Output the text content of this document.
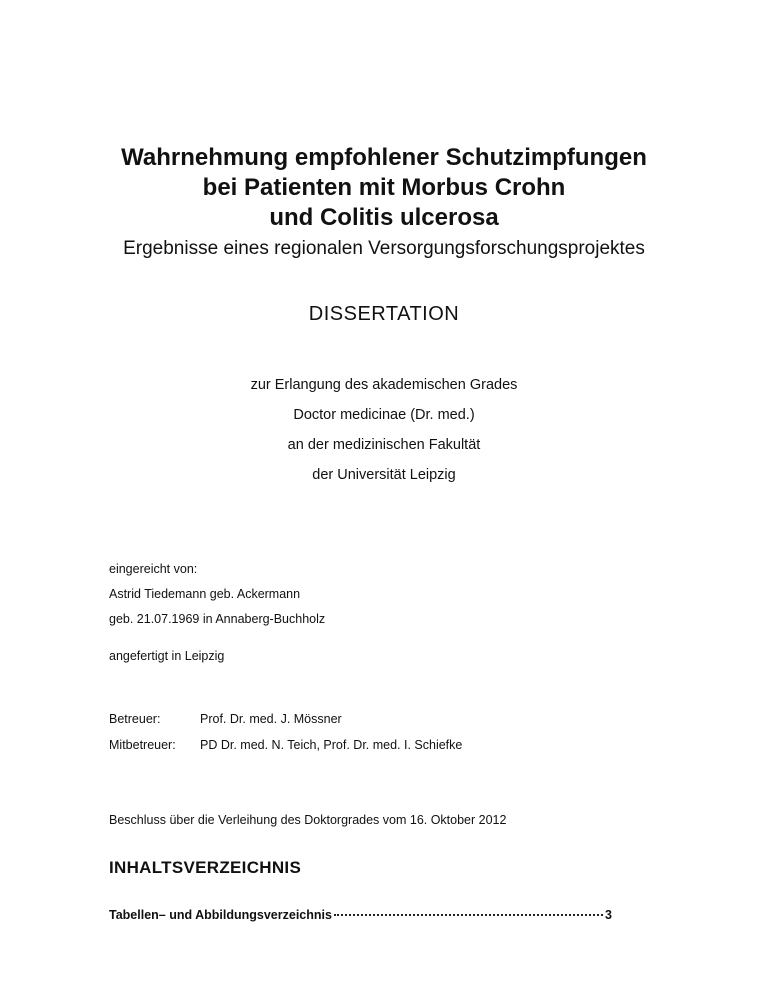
Wahrnehmung empfohlener Schutzimpfungen
bei Patienten mit Morbus Crohn
und Colitis ulcerosa
Ergebnisse eines regionalen Versorgungsforschungsprojektes
DISSERTATION
zur Erlangung des akademischen Grades
Doctor medicinae (Dr. med.)
an der medizinischen Fakultät
der Universität Leipzig
eingereicht von:
Astrid Tiedemann geb. Ackermann
geb. 21.07.1969 in Annaberg-Buchholz
angefertigt in Leipzig
Betreuer:	Prof. Dr. med. J. Mössner
Mitbetreuer:	PD Dr. med. N. Teich, Prof. Dr. med. I. Schiefke
Beschluss über die Verleihung des Doktorgrades vom 16. Oktober 2012
INHALTSVERZEICHNIS
Tabellen– und Abbildungsverzeichnis	3
